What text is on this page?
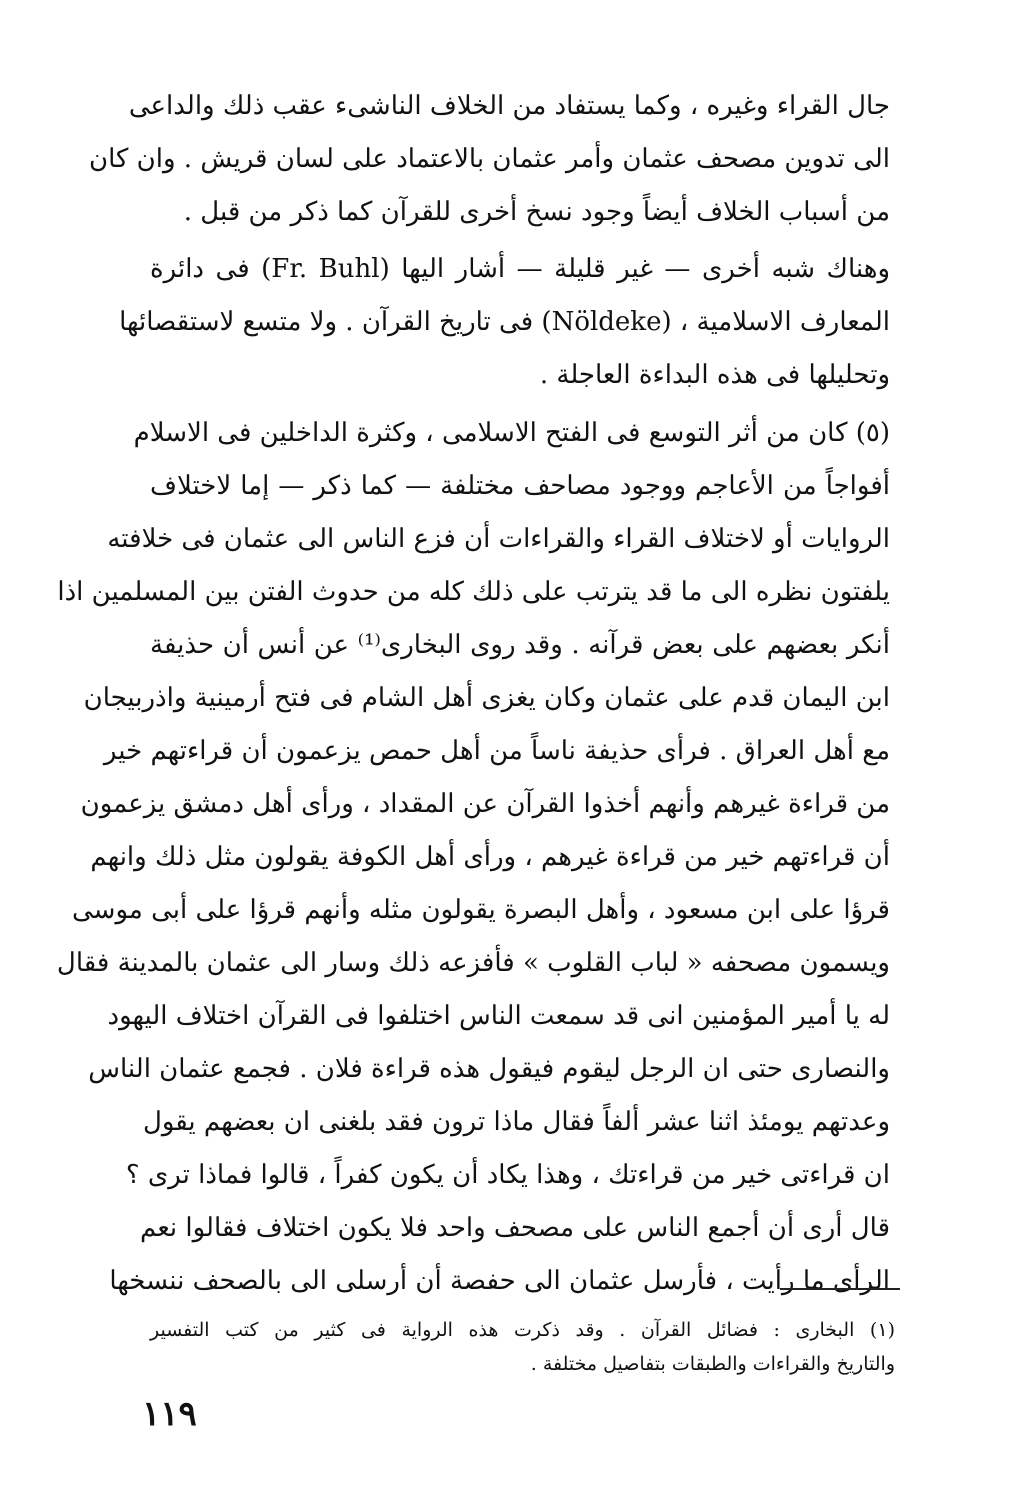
جال القراء وغيره ، وكما يستفاد من الخلاف الناشىء عقب ذلك والداعى
الى تدوين مصحف عثمان وأمر عثمان بالاعتماد على لسان قريش . وان كان
من أسباب الخلاف أيضاً وجود نسخ أخرى للقرآن كما ذكر من قبل .
وهناك شبه أخرى — غير قليلة — أشار اليها (Fr. Buhl) فى دائرة
المعارف الاسلامية ، (Nöldeke) فى تاريخ القرآن . ولا متسع لاستقصائها
وتحليلها فى هذه البداءة العاجلة .
(٥) كان من أثر التوسع فى الفتح الاسلامى ، وكثرة الداخلين فى الاسلام
أفواجاً من الأعاجم ووجود مصاحف مختلفة — كما ذكر — إما لاختلاف
الروايات أو لاختلاف القراء والقراءات أن فزع الناس الى عثمان فى خلافته
يلفتون نظره الى ما قد يترتب على ذلك كله من حدوث الفتن بين المسلمين اذا
أنكر بعضهم على بعض قرآنه . وقد روى البخارى⁽¹⁾ عن أنس أن حذيفة
ابن اليمان قدم على عثمان وكان يغزى أهل الشام فى فتح أرمينية واذربيجان
مع أهل العراق . فرأى حذيفة ناساً من أهل حمص يزعمون أن قراءتهم خير
من قراءة غيرهم وأنهم أخذوا القرآن عن المقداد ، ورأى أهل دمشق يزعمون
أن قراءتهم خير من قراءة غيرهم ، ورأى أهل الكوفة يقولون مثل ذلك وانهم
قرؤا على ابن مسعود ، وأهل البصرة يقولون مثله وأنهم قرؤا على أبى موسى
ويسمون مصحفه « لباب القلوب » فأفزعه ذلك وسار الى عثمان بالمدينة فقال
له يا أمير المؤمنين انى قد سمعت الناس اختلفوا فى القرآن اختلاف اليهود
والنصارى حتى ان الرجل ليقوم فيقول هذه قراءة فلان . فجمع عثمان الناس
وعدتهم يومئذ اثنا عشر ألفاً فقال ماذا ترون فقد بلغنى ان بعضهم يقول
ان قراءتى خير من قراءتك ، وهذا يكاد أن يكون كفراً ، قالوا فماذا ترى ؟
قال أرى أن أجمع الناس على مصحف واحد فلا يكون اختلاف فقالوا نعم
الرأى ما رأيت ، فأرسل عثمان الى حفصة أن أرسلى الى بالصحف ننسخها
(١) البخارى : فضائل القرآن . وقد ذكرت هذه الرواية فى كثير من كتب التفسير
والتاريخ والقراءات والطبقات بتفاصيل مختلفة .
١١٩
